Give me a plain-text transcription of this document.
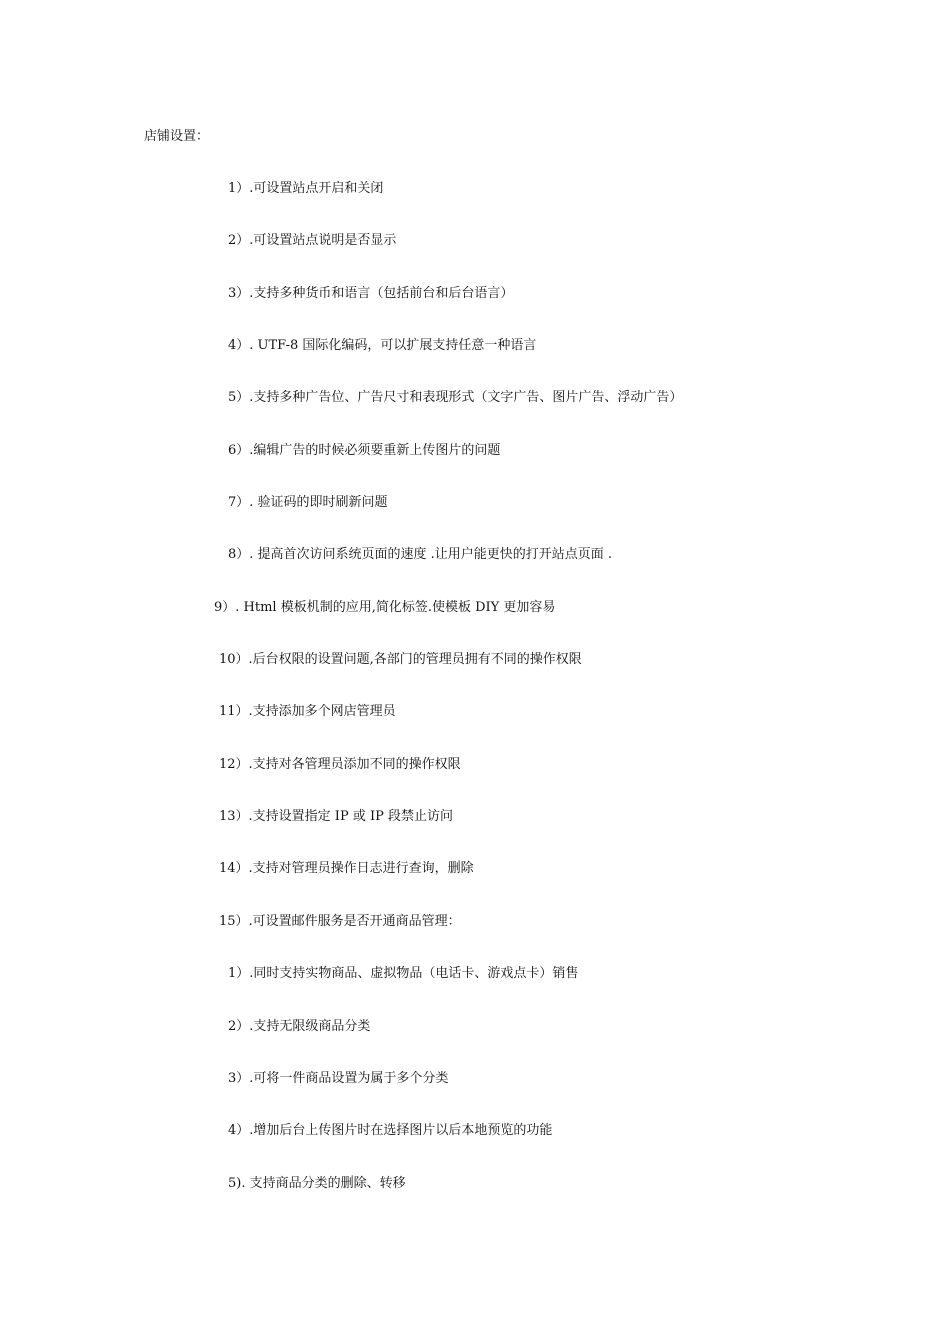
店铺设置：
1）.可设置站点开启和关闭
2）.可设置站点说明是否显示
3）.支持多种货币和语言（包括前台和后台语言）
4）. UTF-8 国际化编码，可以扩展支持任意一种语言
5）.支持多种广告位、广告尺寸和表现形式（文字广告、图片广告、浮动广告）
6）.编辑广告的时候必须要重新上传图片的问题
7）. 验证码的即时刷新问题
8）. 提高首次访问系统页面的速度 .让用户能更快的打开站点页面 .
9）. Html 模板机制的应用,简化标签.使模板 DIY 更加容易
10）.后台权限的设置问题,各部门的管理员拥有不同的操作权限
11）.支持添加多个网店管理员
12）.支持对各管理员添加不同的操作权限
13）.支持设置指定 IP 或 IP 段禁止访问
14）.支持对管理员操作日志进行查询，删除
15）.可设置邮件服务是否开通商品管理：
1）.同时支持实物商品、虚拟物品（电话卡、游戏点卡）销售
2）.支持无限级商品分类
3）.可将一件商品设置为属于多个分类
4）.增加后台上传图片时在选择图片以后本地预览的功能
5). 支持商品分类的删除、转移
